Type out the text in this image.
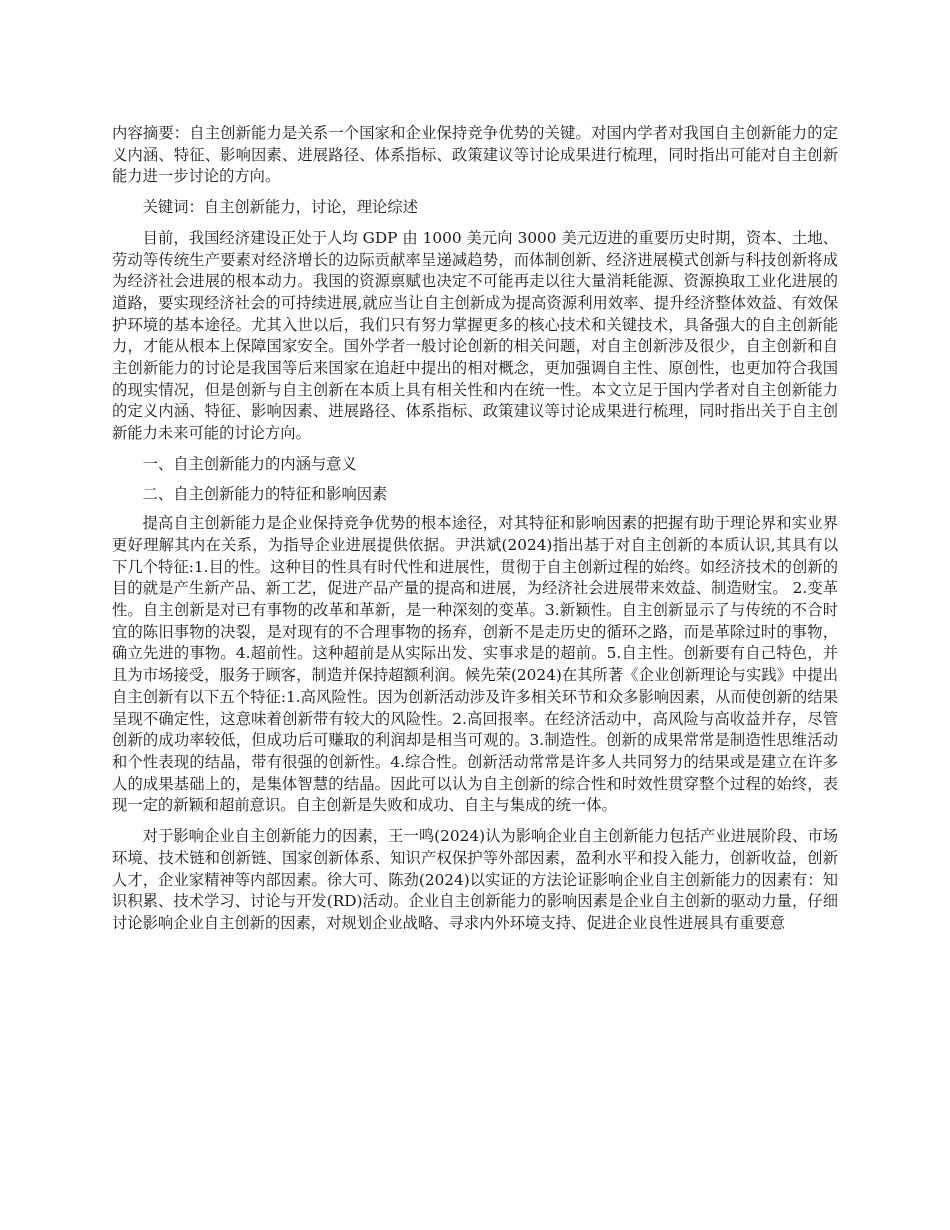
内容摘要：自主创新能力是关系一个国家和企业保持竞争优势的关键。对国内学者对我国自主创新能力的定义内涵、特征、影响因素、进展路径、体系指标、政策建议等讨论成果进行梳理，同时指出可能对自主创新能力进一步讨论的方向。

关键词：自主创新能力，讨论，理论综述

目前，我国经济建设正处于人均 GDP 由 1000 美元向 3000 美元迈进的重要历史时期，资本、土地、劳动等传统生产要素对经济增长的边际贡献率呈递减趋势，而体制创新、经济进展模式创新与科技创新将成为经济社会进展的根本动力。我国的资源禀赋也决定不可能再走以往大量消耗能源、资源换取工业化进展的道路，要实现经济社会的可持续进展,就应当让自主创新成为提高资源利用效率、提升经济整体效益、有效保护环境的基本途径。尤其入世以后，我们只有努力掌握更多的核心技术和关键技术，具备强大的自主创新能力，才能从根本上保障国家安全。国外学者一般讨论创新的相关问题，对自主创新涉及很少，自主创新和自主创新能力的讨论是我国等后来国家在追赶中提出的相对概念，更加强调自主性、原创性，也更加符合我国的现实情况，但是创新与自主创新在本质上具有相关性和内在统一性。本文立足于国内学者对自主创新能力的定义内涵、特征、影响因素、进展路径、体系指标、政策建议等讨论成果进行梳理，同时指出关于自主创新能力未来可能的讨论方向。

一、自主创新能力的内涵与意义

二、自主创新能力的特征和影响因素

提高自主创新能力是企业保持竞争优势的根本途径，对其特征和影响因素的把握有助于理论界和实业界更好理解其内在关系，为指导企业进展提供依据。尹洪斌(2024)指出基于对自主创新的本质认识,其具有以下几个特征:1.目的性。这种目的性具有时代性和进展性，贯彻于自主创新过程的始终。如经济技术的创新的目的就是产生新产品、新工艺，促进产品产量的提高和进展，为经济社会进展带来效益、制造财宝。 2.变革性。自主创新是对已有事物的改革和革新，是一种深刻的变革。3.新颖性。自主创新显示了与传统的不合时宜的陈旧事物的决裂，是对现有的不合理事物的扬弃，创新不是走历史的循环之路，而是革除过时的事物，确立先进的事物。4.超前性。这种超前是从实际出发、实事求是的超前。5.自主性。创新要有自己特色，并且为市场接受，服务于顾客，制造并保持超额利润。候先荣(2024)在其所著《企业创新理论与实践》中提出自主创新有以下五个特征:1.高风险性。因为创新活动涉及许多相关环节和众多影响因素，从而使创新的结果呈现不确定性，这意味着创新带有较大的风险性。2.高回报率。在经济活动中，高风险与高收益并存，尽管创新的成功率较低，但成功后可赚取的利润却是相当可观的。3.制造性。创新的成果常常是制造性思维活动和个性表现的结晶，带有很强的创新性。4.综合性。创新活动常常是许多人共同努力的结果或是建立在许多人的成果基础上的，是集体智慧的结晶。因此可以认为自主创新的综合性和时效性贯穿整个过程的始终，表现一定的新颖和超前意识。自主创新是失败和成功、自主与集成的统一体。

对于影响企业自主创新能力的因素，王一鸣(2024)认为影响企业自主创新能力包括产业进展阶段、市场环境、技术链和创新链、国家创新体系、知识产权保护等外部因素，盈利水平和投入能力，创新收益，创新人才，企业家精神等内部因素。徐大可、陈劲(2024)以实证的方法论证影响企业自主创新能力的因素有：知识积累、技术学习、讨论与开发(RD)活动。企业自主创新能力的影响因素是企业自主创新的驱动力量，仔细讨论影响企业自主创新的因素，对规划企业战略、寻求内外环境支持、促进企业良性进展具有重要意
